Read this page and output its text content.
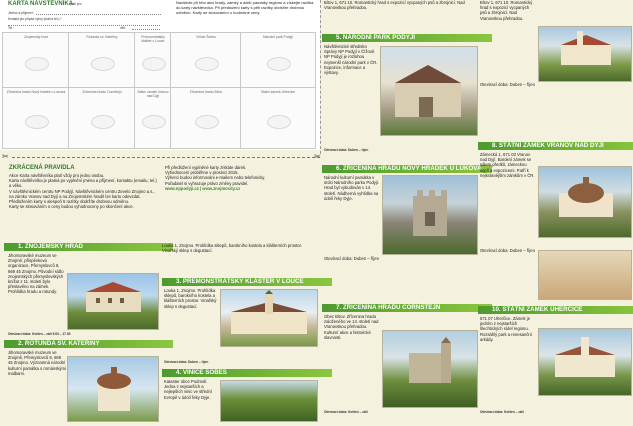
KARTA NÁVŠTĚVNÍKA
platí pro
Jméno a příjmení:
Kontakt pro případ výhry (mail a tel.) *
Tel.:	věk:
Znojemský hrad	Rotunda sv. Kateřiny
Zřícenina hradu Nový hrádek u Lukova	Zřícenina hradu Cornštejn
Premonstrátský klášter v Louce
Státní zámek Vranov nad Dyjí
Navštivte při této akci hrady, zámky a další památky regionu a získejte razítka do karty návštěvníka. Při předložení karty s pěti razítky obdržíte drobnou odměnu. Karty se slosováním o hodnotné ceny.
Vinice Šobes	Národní park Podyjí
Zřícenina hradu Bítov	Státní zámek Uherčice
✂	✂
ZKRÁCENÁ PRAVIDLA
Akce Karta návštěvníka platí vždy pro jednu osobu.
Karta návštěvníka je platná po vyplnění jména a příjmení, kontaktu (emailu, tel.) a věku.
V návštěvnickém centru NP Podyjí, Návštěvnickém centru Zevelo Znojmo a.s., na zámku Vranov nad Dyjí a na Znojemském hradě lze kartu odevzdat.
Předložením karty s alespoň 5 razítky obdržíte drobnou odměnu.
Karty se slosováním o ceny budou vyhodnoceny po skončení akce.
Při předložení vyplněné karty získáte dárek.
Vyhodnocení proběhne v prosinci 2015.
Výherci budou informováni e-mailem nebo telefonicky.
Pořadatel si vyhrazuje právo změny pravidel.
www.nppodyji.cz | www.znojmocity.cz
1. ZNOJEMSKÝ HRAD
Jihomoravské muzeum ve Znojmě, příspěvková organizace, Přemyslovců 8, 669 45 Znojmo. Původní sídlo znojemských přemyslovských knížat z 11. století bylo přestavěno na zámek. Prohlídka hradu a rotundy.
Otevírací doba: Květen – září 9.00 – 17.00
2. ROTUNDA SV. KATEŘINY
Jihomoravské muzeum ve Znojmě, Přemyslovců 8, 669 45 Znojmo. Významná národní kulturní památka s románskými malbami.
Louka 1, Znojmo. Prohlídka sklepů, barokního kostela a klášterních prostor. Vinařský sklep s degustací.
3. PREMONSTRÁTSKÝ KLÁŠTER V LOUCE
Louka 1, Znojmo. Prohlídka sklepů, barokního kostela a klášterních prostor. Vinařský sklep s degustací.
Otevírací doba: Duben – říjen
4. VINICE ŠOBES
Kataster obce Podmolí. Jedna z nejstarších a nejlepších vinic ve střední Evropě v údolí řeky Dyje.
Bítov 1, 671 10. Romantický hrad s expozicí vycpaných psů a zbrojnicí. Nad Vranovskou přehradou.
5. NÁRODNÍ PARK PODYJÍ
Návštěvnické středisko Správy NP Podyjí v Čížově. NP Podyjí je rozlohou nejmenší národní park v ČR. Expozice, informace a výstavy.
Otevírací doba: Duben – říjen
6. ZŘÍCENINA HRADU NOVÝ HRÁDEK U LUKOVA
Národní kulturní památka v srdci Národního parku Podyjí. Hrad byl vybudován v 14. století. Nádherná vyhlídka na údolí řeky Dyje.
Otevírací doba: Duben – říjen
7. ZŘÍCENINA HRADU CORNŠTEJN
Obec Bítov. Zřícenina hradu založeného ve 14. století nad Vranovskou přehradou. Kulturní akce a historické slavnosti.
Otevírací doba: Květen – září
Bítov 1, 671 10. Romantický hrad s expozicí vycpaných psů a zbrojnicí. Nad Vranovskou přehradou.
Otevírací doba: Duben – říjen
8. STÁTNÍ ZÁMEK VRANOV NAD DYJÍ
Zámecká 1, 671 03 Vranov nad Dyjí. Barokní zámek se sálem předků, zámeckou kaplí a expozicemi. Patří k nejkrásnějším zámkům v ČR.
Otevírací doba: Duben – říjen
10. STÁTNÍ ZÁMEK UHERČICE
671 07 Uherčice. Zámek je jedním z nejstarších šlechtických sídel regionu. Rozsáhlý park a renesanční arkády.
Otevírací doba: Květen – září
